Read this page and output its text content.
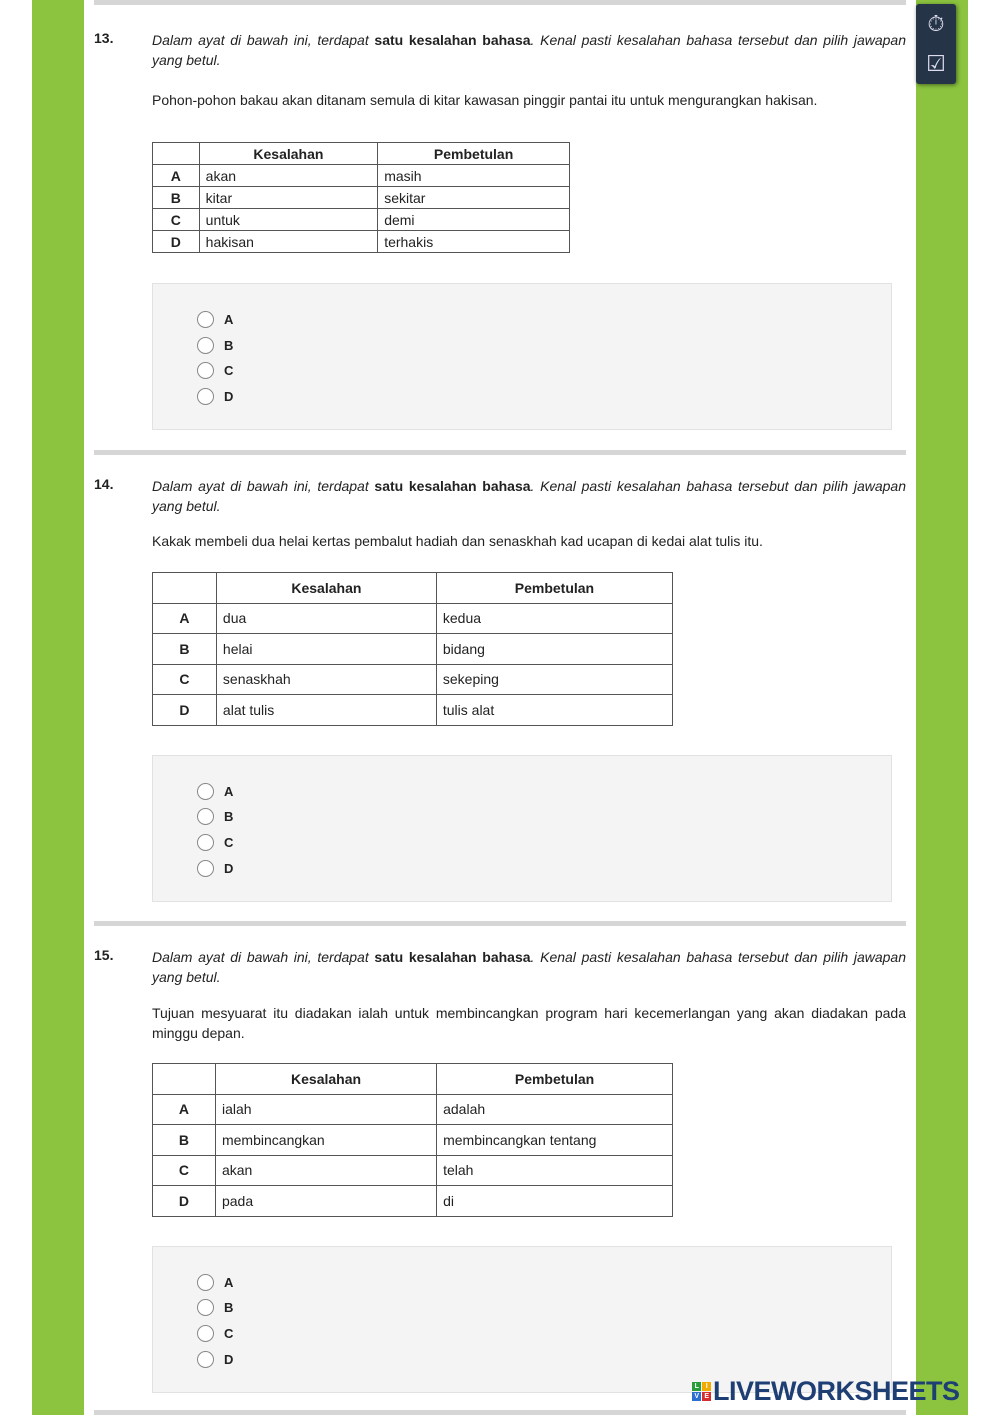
13.	Dalam ayat di bawah ini, terdapat satu kesalahan bahasa. Kenal pasti kesalahan bahasa tersebut dan pilih jawapan yang betul.
Pohon-pohon bakau akan ditanam semula di kitar kawasan pinggir pantai itu untuk mengurangkan hakisan.
	Kesalahan	Pembetulan
A	akan	masih
B	kitar	sekitar
C	untuk	demi
D	hakisan	terhakis
A
B
C
D
14.	Dalam ayat di bawah ini, terdapat satu kesalahan bahasa. Kenal pasti kesalahan bahasa tersebut dan pilih jawapan yang betul.
Kakak membeli dua helai kertas pembalut hadiah dan senaskhah kad ucapan di kedai alat tulis itu.
	Kesalahan	Pembetulan
A	dua	kedua
B	helai	bidang
C	senaskhah	sekeping
D	alat tulis	tulis alat
A
B
C
D
15.	Dalam ayat di bawah ini, terdapat satu kesalahan bahasa. Kenal pasti kesalahan bahasa tersebut dan pilih jawapan yang betul.
Tujuan mesyuarat itu diadakan ialah untuk membincangkan program hari kecemerlangan yang akan diadakan pada minggu depan.
	Kesalahan	Pembetulan
A	ialah	adalah
B	membincangkan	membincangkan tentang
C	akan	telah
D	pada	di
A
B
C
D
⏱
☑
L	I
V E LIVEWORKSHEETS
